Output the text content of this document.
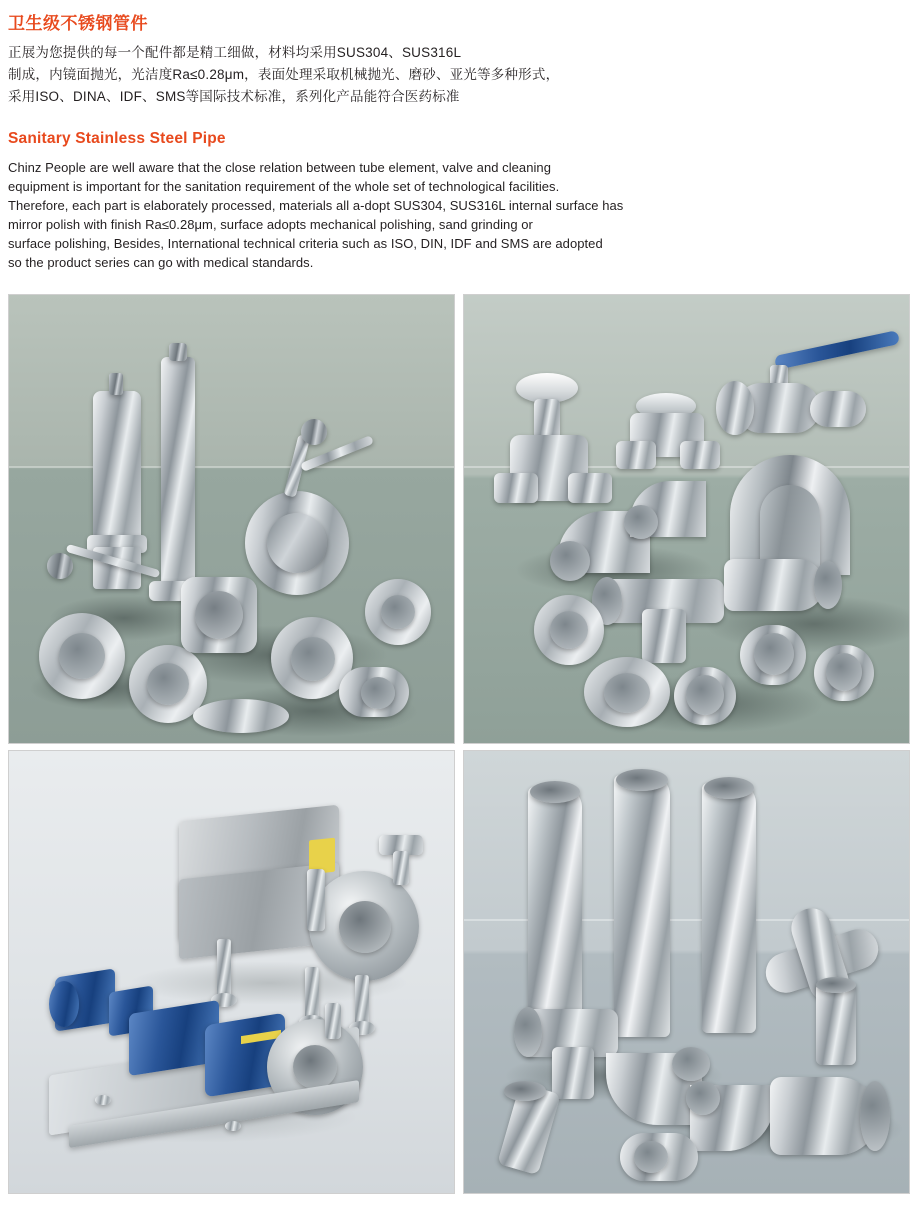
卫生级不锈钢管件
正展为您提供的每一个配件都是精工细做，材料均采用SUS304、SUS316L
制成，内镜面抛光，光洁度Ra≤0.28μm，表面处理采取机械抛光、磨砂、亚光等多种形式，
采用ISO、DINA、IDF、SMS等国际技术标准，系列化产品能符合医药标准
Sanitary Stainless Steel Pipe
Chinz People are well aware that the close relation between tube element, valve and cleaning
equipment is important for the sanitation requirement of the whole set of technological facilities.
Therefore, each part is elaborately processed, materials all a-dopt SUS304, SUS316L internal surface has
mirror polish with finish Ra≤0.28μm, surface adopts mechanical polishing, sand grinding or
surface polishing, Besides, International technical criteria such as ISO, DIN, IDF and SMS are adopted
so the product series can go with medical standards.
